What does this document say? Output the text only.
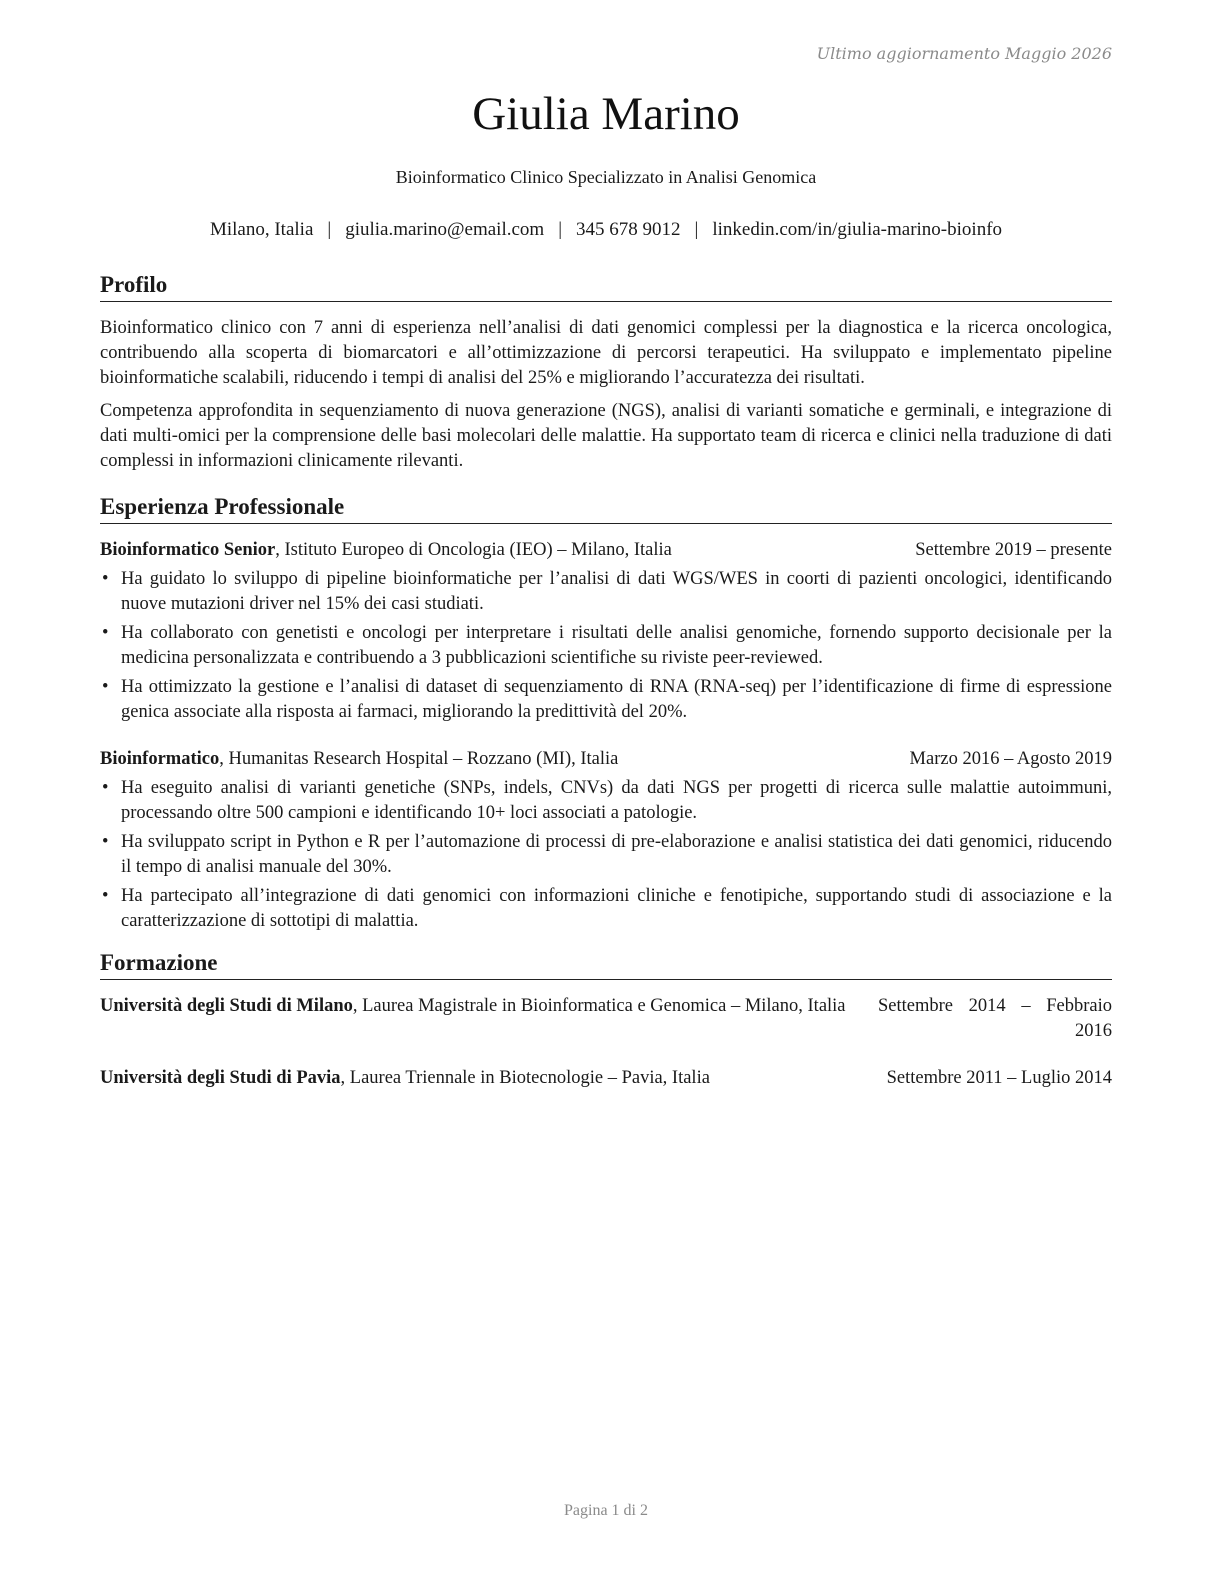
Ultimo aggiornamento Maggio 2026
Giulia Marino
Bioinformatico Clinico Specializzato in Analisi Genomica
Milano, Italia | giulia.marino@email.com | 345 678 9012 | linkedin.com/in/giulia-marino-bioinfo
Profilo

Bioinformatico clinico con 7 anni di esperienza nell’analisi di dati genomici complessi per la diagnostica e la ricerca oncologica, contribuendo alla scoperta di biomarcatori e all’ottimizzazione di percorsi terapeutici. Ha sviluppato e implementato pipeline bioinformatiche scalabili, riducendo i tempi di analisi del 25% e migliorando l’accuratezza dei risultati.

Competenza approfondita in sequenziamento di nuova generazione (NGS), analisi di varianti somatiche e germinali, e integrazione di dati multi-omici per la comprensione delle basi molecolari delle malattie. Ha supportato team di ricerca e clinici nella traduzione di dati complessi in informazioni clinicamente rilevanti.

Esperienza Professionale
Bioinformatico Senior, Istituto Europeo di Oncologia (IEO) – Milano, Italia	Settembre 2019 – presente
• Ha guidato lo sviluppo di pipeline bioinformatiche per l’analisi di dati WGS/WES in coorti di pazienti oncologici, identificando nuove mutazioni driver nel 15% dei casi studiati.
• Ha collaborato con genetisti e oncologi per interpretare i risultati delle analisi genomiche, fornendo supporto decisionale per la medicina personalizzata e contribuendo a 3 pubblicazioni scientifiche su riviste peer-reviewed.
• Ha ottimizzato la gestione e l’analisi di dataset di sequenziamento di RNA (RNA-seq) per l’identificazione di firme di espressione genica associate alla risposta ai farmaci, migliorando la predittività del 20%.
Bioinformatico, Humanitas Research Hospital – Rozzano (MI), Italia	Marzo 2016 – Agosto 2019
• Ha eseguito analisi di varianti genetiche (SNPs, indels, CNVs) da dati NGS per progetti di ricerca sulle malattie autoimmuni, processando oltre 500 campioni e identificando 10+ loci associati a patologie.
• Ha sviluppato script in Python e R per l’automazione di processi di pre-elaborazione e analisi statistica dei dati genomici, riducendo il tempo di analisi manuale del 30%.
• Ha partecipato all’integrazione di dati genomici con informazioni cliniche e fenotipiche, supportando studi di associazione e la caratterizzazione di sottotipi di malattia.
Formazione
Università degli Studi di Milano, Laurea Magistrale in Bioinformatica e Genomica – Milano, Italia	Settembre 2014 – Febbraio 2016
Università degli Studi di Pavia, Laurea Triennale in Biotecnologie – Pavia, Italia	Settembre 2011 – Luglio 2014
Pagina 1 di 2
